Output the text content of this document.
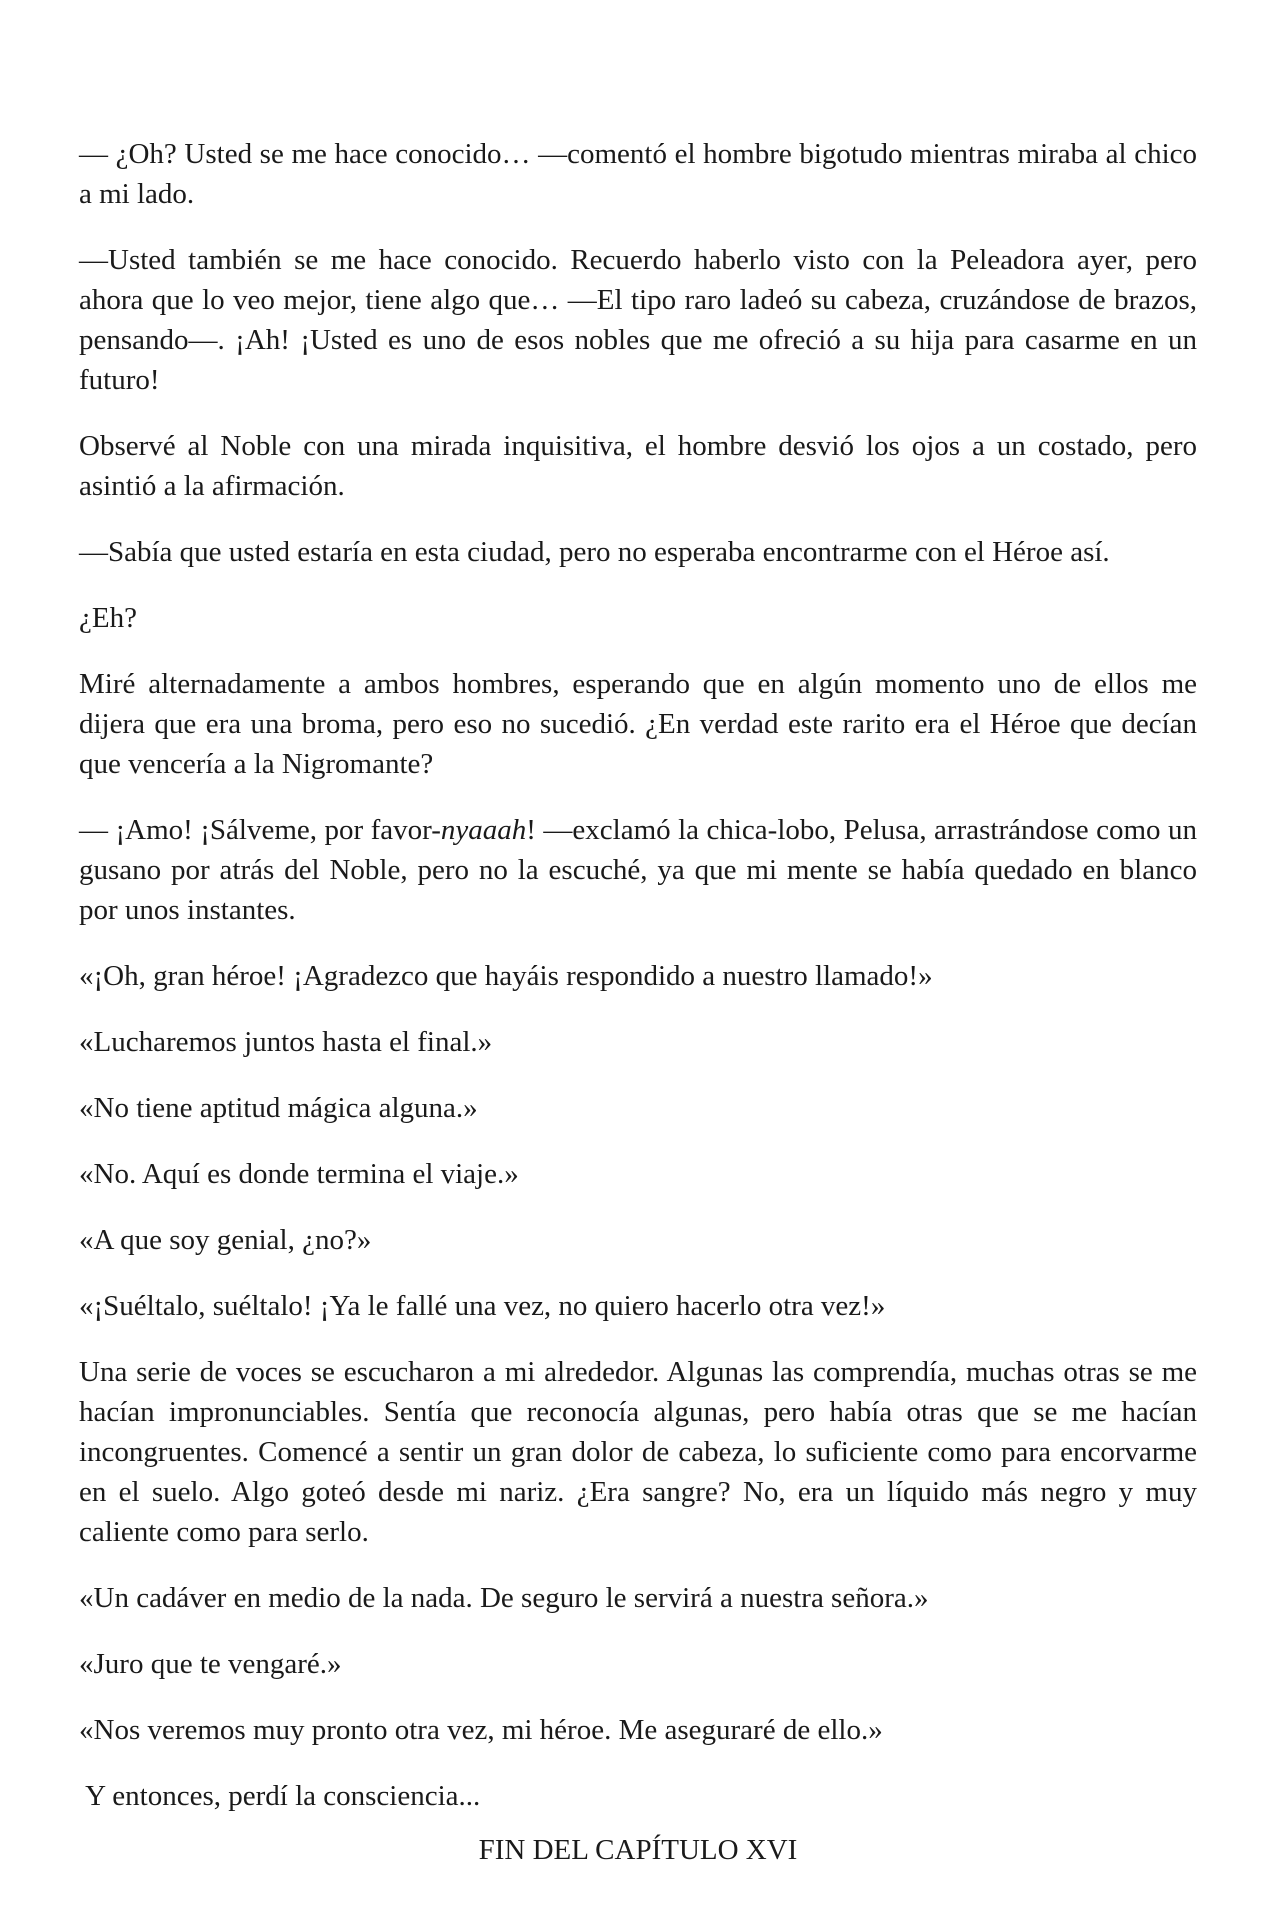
— ¿Oh? Usted se me hace conocido… —comentó el hombre bigotudo mientras miraba al chico a mi lado.

—Usted también se me hace conocido. Recuerdo haberlo visto con la Peleadora ayer, pero ahora que lo veo mejor, tiene algo que… —El tipo raro ladeó su cabeza, cruzándose de brazos, pensando—. ¡Ah! ¡Usted es uno de esos nobles que me ofreció a su hija para casarme en un futuro!

Observé al Noble con una mirada inquisitiva, el hombre desvió los ojos a un costado, pero asintió a la afirmación.

—Sabía que usted estaría en esta ciudad, pero no esperaba encontrarme con el Héroe así.

¿Eh?

Miré alternadamente a ambos hombres, esperando que en algún momento uno de ellos me dijera que era una broma, pero eso no sucedió. ¿En verdad este rarito era el Héroe que decían que vencería a la Nigromante?

— ¡Amo! ¡Sálveme, por favor-nyaaah! —exclamó la chica-lobo, Pelusa, arrastrándose como un gusano por atrás del Noble, pero no la escuché, ya que mi mente se había quedado en blanco por unos instantes.

«¡Oh, gran héroe! ¡Agradezco que hayáis respondido a nuestro llamado!»

«Lucharemos juntos hasta el final.»

«No tiene aptitud mágica alguna.»

«No. Aquí es donde termina el viaje.»

«A que soy genial, ¿no?»

«¡Suéltalo, suéltalo! ¡Ya le fallé una vez, no quiero hacerlo otra vez!»

Una serie de voces se escucharon a mi alrededor. Algunas las comprendía, muchas otras se me hacían impronunciables. Sentía que reconocía algunas, pero había otras que se me hacían incongruentes. Comencé a sentir un gran dolor de cabeza, lo suficiente como para encorvarme en el suelo. Algo goteó desde mi nariz. ¿Era sangre? No, era un líquido más negro y muy caliente como para serlo.

«Un cadáver en medio de la nada. De seguro le servirá a nuestra señora.»

«Juro que te vengaré.»

«Nos veremos muy pronto otra vez, mi héroe. Me aseguraré de ello.»

Y entonces, perdí la consciencia...

FIN DEL CAPÍTULO XVI
